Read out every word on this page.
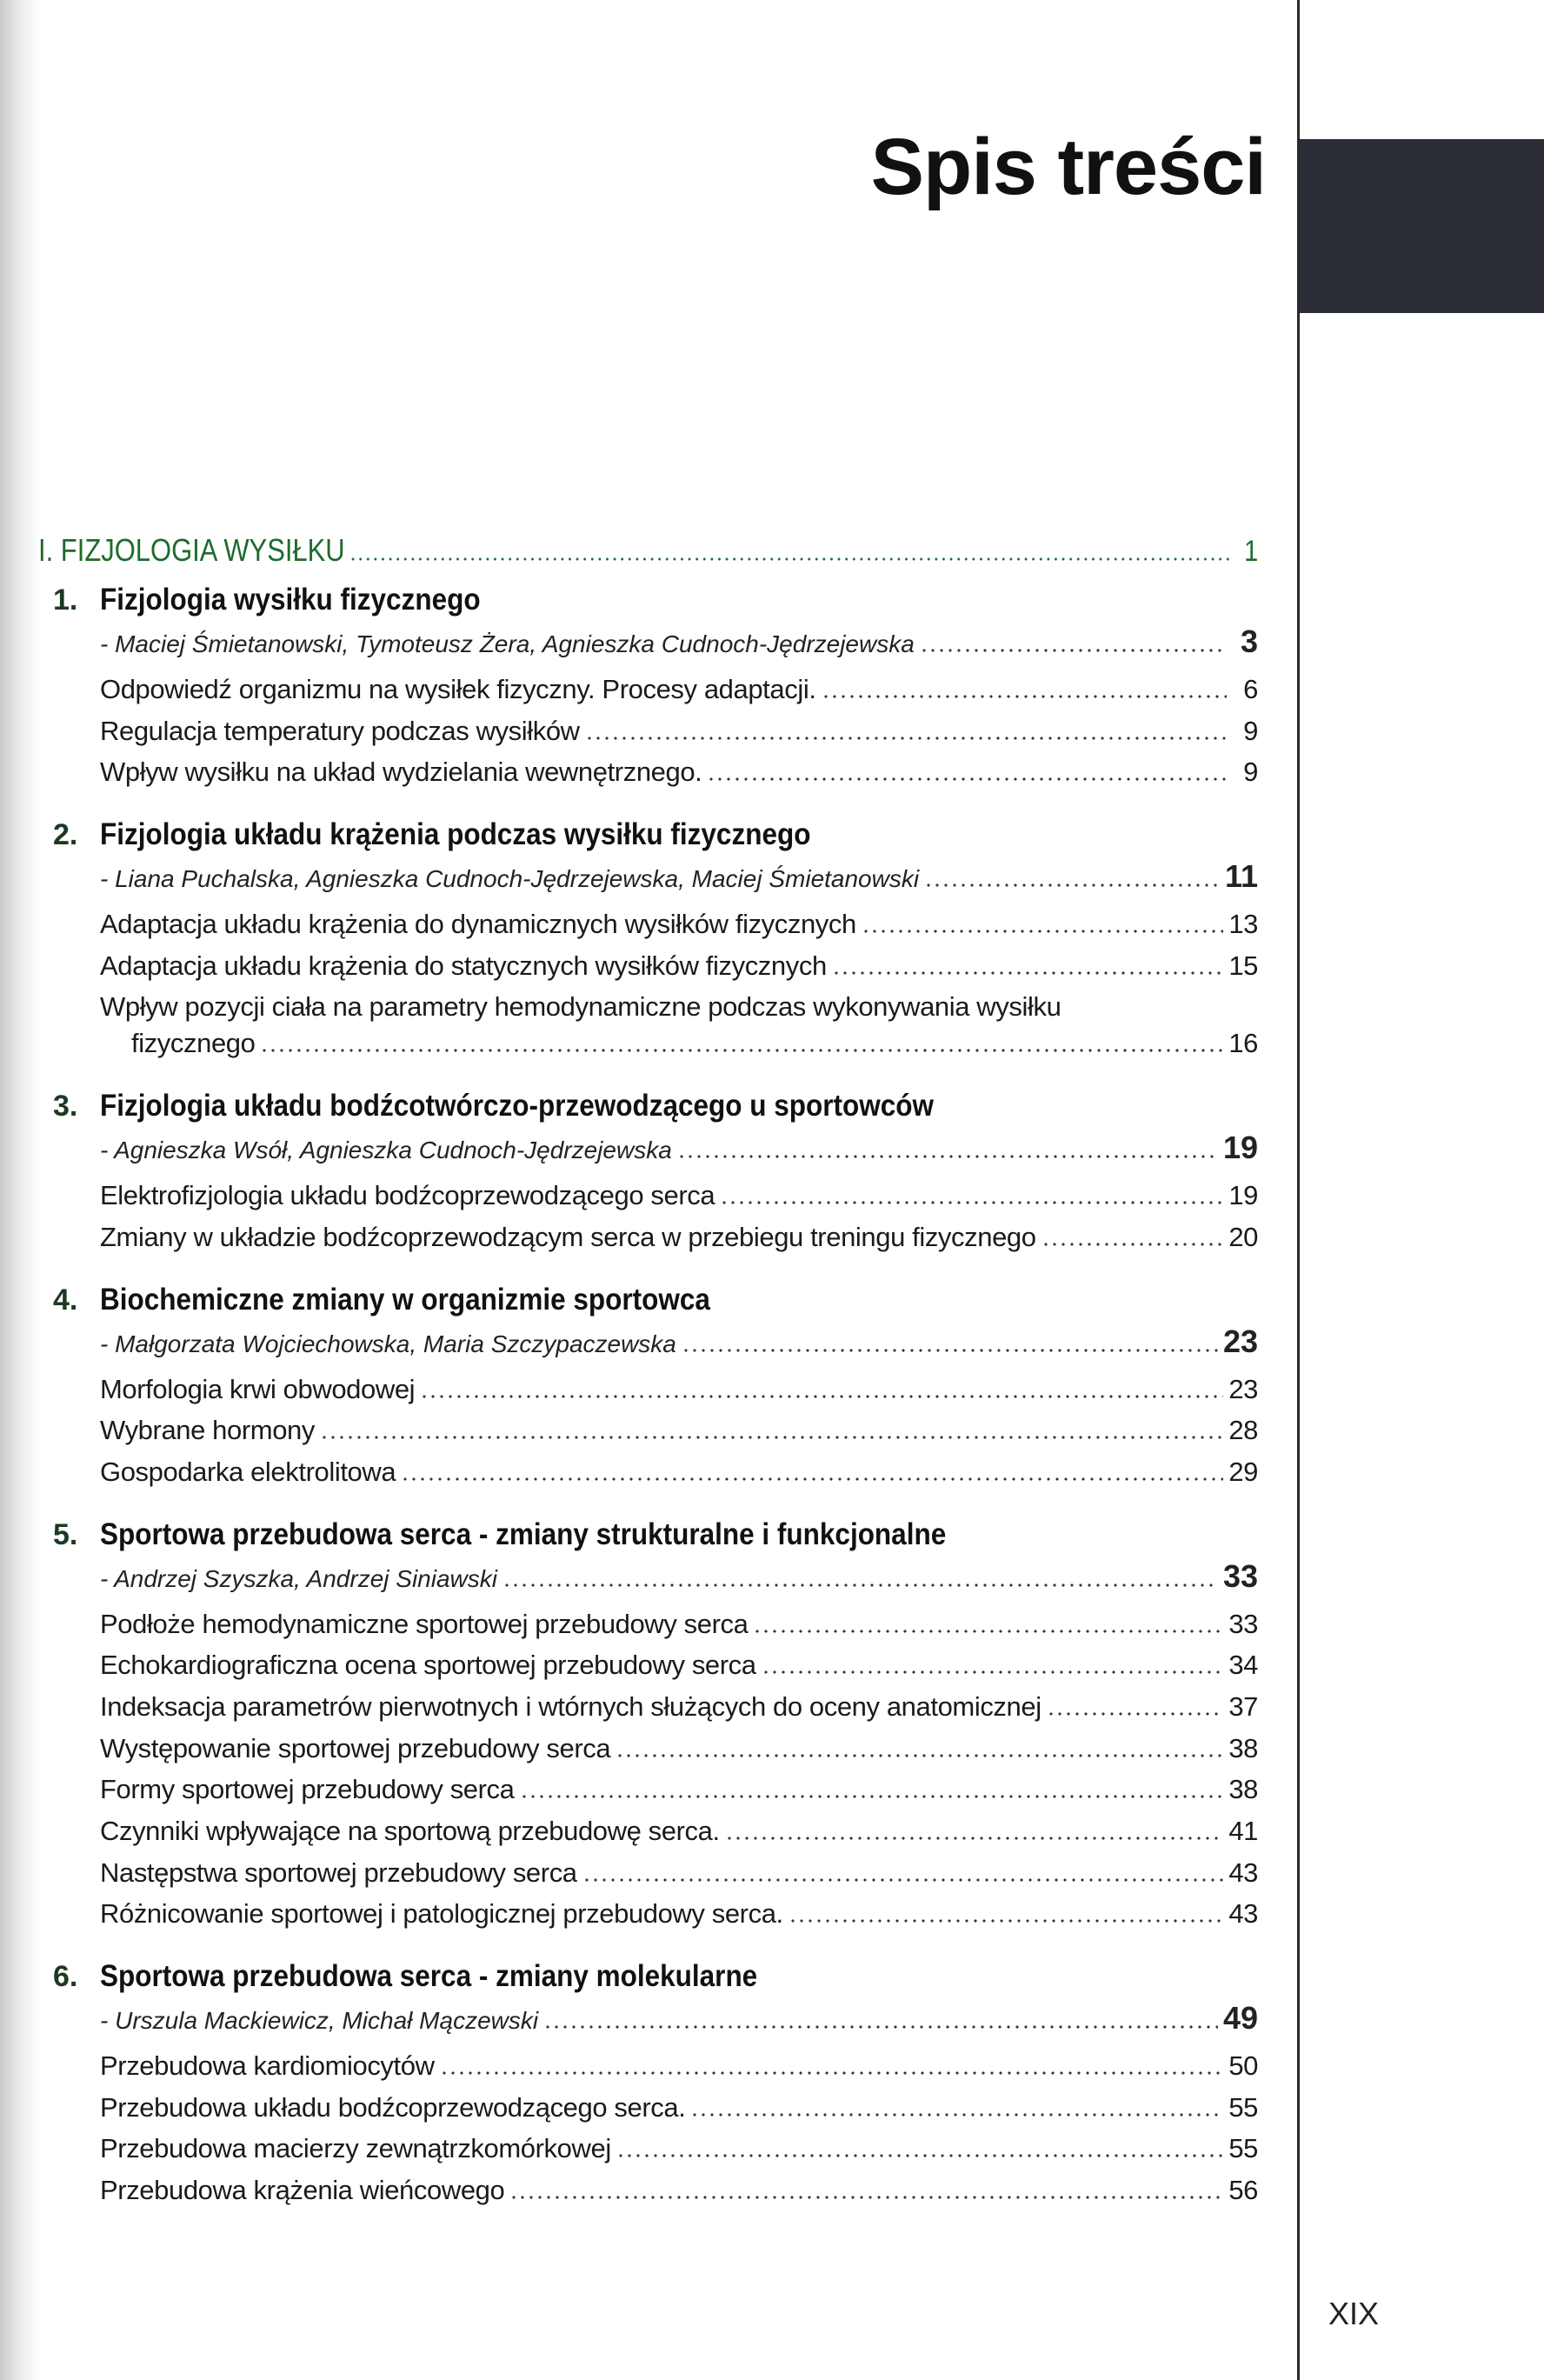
Spis treści
I. FIZJOLOGIA WYSIŁKU	1
1. Fizjologia wysiłku fizycznego
- Maciej Śmietanowski, Tymoteusz Żera, Agnieszka Cudnoch-Jędrzejewska	3
Odpowiedź organizmu na wysiłek fizyczny. Procesy adaptacji.	6
Regulacja temperatury podczas wysiłków	9
Wpływ wysiłku na układ wydzielania wewnętrznego.	9
2. Fizjologia układu krążenia podczas wysiłku fizycznego
- Liana Puchalska, Agnieszka Cudnoch-Jędrzejewska, Maciej Śmietanowski	11
Adaptacja układu krążenia do dynamicznych wysiłków fizycznych	13
Adaptacja układu krążenia do statycznych wysiłków fizycznych	15
Wpływ pozycji ciała na parametry hemodynamiczne podczas wykonywania wysiłku
fizycznego	16
3. Fizjologia układu bodźcotwórczo-przewodzącego u sportowców
- Agnieszka Wsół, Agnieszka Cudnoch-Jędrzejewska	19
Elektrofizjologia układu bodźcoprzewodzącego serca	19
Zmiany w układzie bodźcoprzewodzącym serca w przebiegu treningu fizycznego	20
4. Biochemiczne zmiany w organizmie sportowca
- Małgorzata Wojciechowska, Maria Szczypaczewska	23
Morfologia krwi obwodowej	23
Wybrane hormony	28
Gospodarka elektrolitowa	29
5. Sportowa przebudowa serca - zmiany strukturalne i funkcjonalne
- Andrzej Szyszka, Andrzej Siniawski	33
Podłoże hemodynamiczne sportowej przebudowy serca	33
Echokardiograficzna ocena sportowej przebudowy serca	34
Indeksacja parametrów pierwotnych i wtórnych służących do oceny anatomicznej	37
Występowanie sportowej przebudowy serca	38
Formy sportowej przebudowy serca	38
Czynniki wpływające na sportową przebudowę serca.	41
Następstwa sportowej przebudowy serca	43
Różnicowanie sportowej i patologicznej przebudowy serca.	43
6. Sportowa przebudowa serca - zmiany molekularne
- Urszula Mackiewicz, Michał Mączewski	49
Przebudowa kardiomiocytów	50
Przebudowa układu bodźcoprzewodzącego serca.	55
Przebudowa macierzy zewnątrzkomórkowej	55
Przebudowa krążenia wieńcowego	56
XIX
